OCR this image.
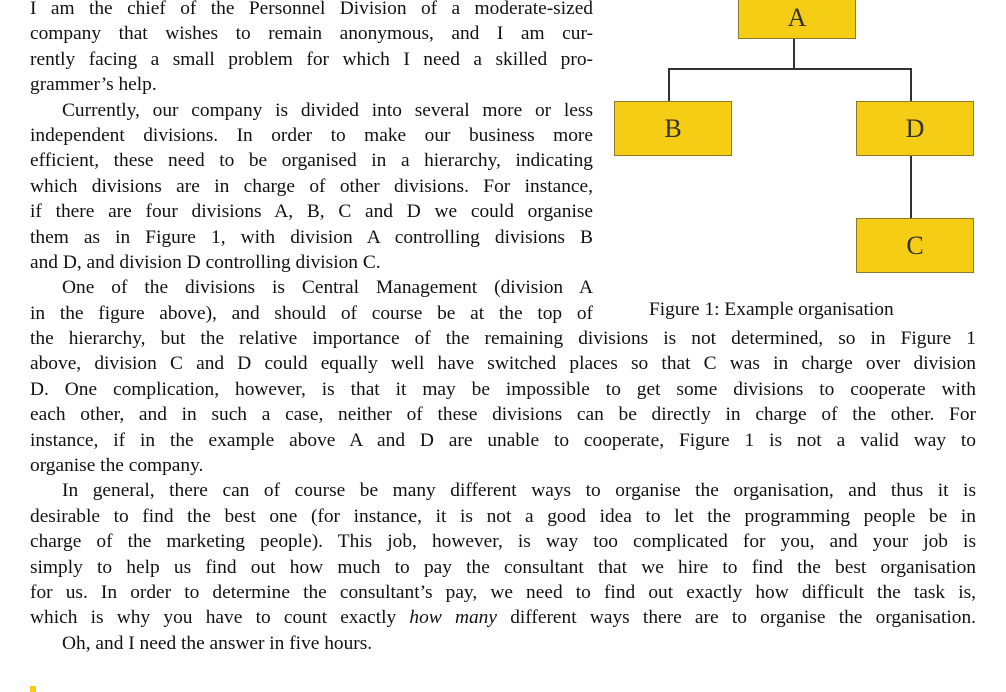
I am the chief of the Personnel Division of a moderate-sized
company that wishes to remain anonymous, and I am cur-
rently facing a small problem for which I need a skilled pro-
grammer’s help.
Currently, our company is divided into several more or less
independent divisions. In order to make our business more
efficient, these need to be organised in a hierarchy, indicating
which divisions are in charge of other divisions. For instance,
if there are four divisions A, B, C and D we could organise
them as in Figure 1, with division A controlling divisions B
and D, and division D controlling division C.
One of the divisions is Central Management (division A
in the figure above), and should of course be at the top of
the hierarchy, but the relative importance of the remaining divisions is not determined, so in Figure 1
above, division C and D could equally well have switched places so that C was in charge over division
D. One complication, however, is that it may be impossible to get some divisions to cooperate with
each other, and in such a case, neither of these divisions can be directly in charge of the other. For
instance, if in the example above A and D are unable to cooperate, Figure 1 is not a valid way to
organise the company.
In general, there can of course be many different ways to organise the organisation, and thus it is
desirable to find the best one (for instance, it is not a good idea to let the programming people be in
charge of the marketing people). This job, however, is way too complicated for you, and your job is
simply to help us find out how much to pay the consultant that we hire to find the best organisation
for us. In order to determine the consultant’s pay, we need to find out exactly how difficult the task is,
which is why you have to count exactly how many different ways there are to organise the organisation.
Oh, and I need the answer in five hours.
A
B	D
C
Figure 1: Example organisation
